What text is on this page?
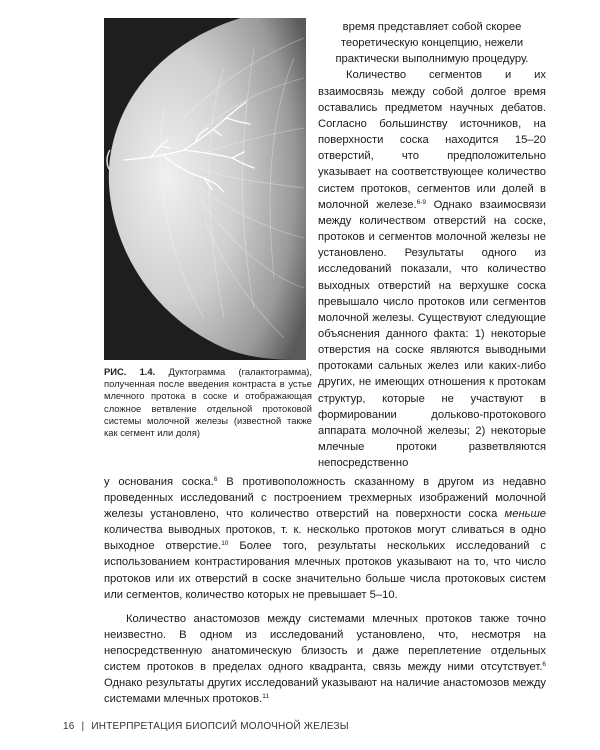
РИС. 1.4. Дуктограмма (галактограмма), полученная после введения контраста в устье млечного протока в соске и отображающая сложное ветвление отдельной протоковой системы молочной железы (известной также как сегмент или доля)

время представляет собой скорее теоретическую концепцию, нежели практически выполнимую процедуру.

Количество сегментов и их взаимосвязь между собой долгое время оставались предметом научных дебатов. Согласно большинству источников, на поверхности соска находится 15–20 отверстий, что предположительно указывает на соответствующее количество систем протоков, сегментов или долей в молочной железе.$^{6-9}$ Однако взаимосвязи между количеством отверстий на соске, протоков и сегментов молочной железы не установлено. Результаты одного из исследований показали, что количество выходных отверстий на верхушке соска превышало число протоков или сегментов молочной железы. Существуют следующие объяснения данного факта: 1) некоторые отверстия на соске являются выводными протоками сальных желез или каких-либо других, не имеющих отношения к протокам структур, которые не участвуют в формировании дольково-протокового аппарата молочной железы; 2) некоторые млечные протоки разветвляются непосредственно

у основания соска.$^6$ В противоположность сказанному в другом из недавно проведенных исследований с построением трехмерных изображений молочной железы установлено, что количество отверстий на поверхности соска меньше количества выводных протоков, т. к. несколько протоков могут сливаться в одно выходное отверстие.$^{10}$ Более того, результаты нескольких исследований с использованием контрастирования млечных протоков указывают на то, что число протоков или их отверстий в соске значительно больше числа протоковых систем или сегментов, количество которых не превышает 5–10.

Количество анастомозов между системами млечных протоков также точно неизвестно. В одном из исследований установлено, что, несмотря на непосредственную анатомическую близость и даже переплетение отдельных систем протоков в пределах одного квадранта, связь между ними отсутствует.$^6$ Однако результаты других исследований указывают на наличие анастомозов между системами млечных протоков.$^{11}$

16 | ИНТЕРПРЕТАЦИЯ БИОПСИЙ МОЛОЧНОЙ ЖЕЛЕЗЫ
